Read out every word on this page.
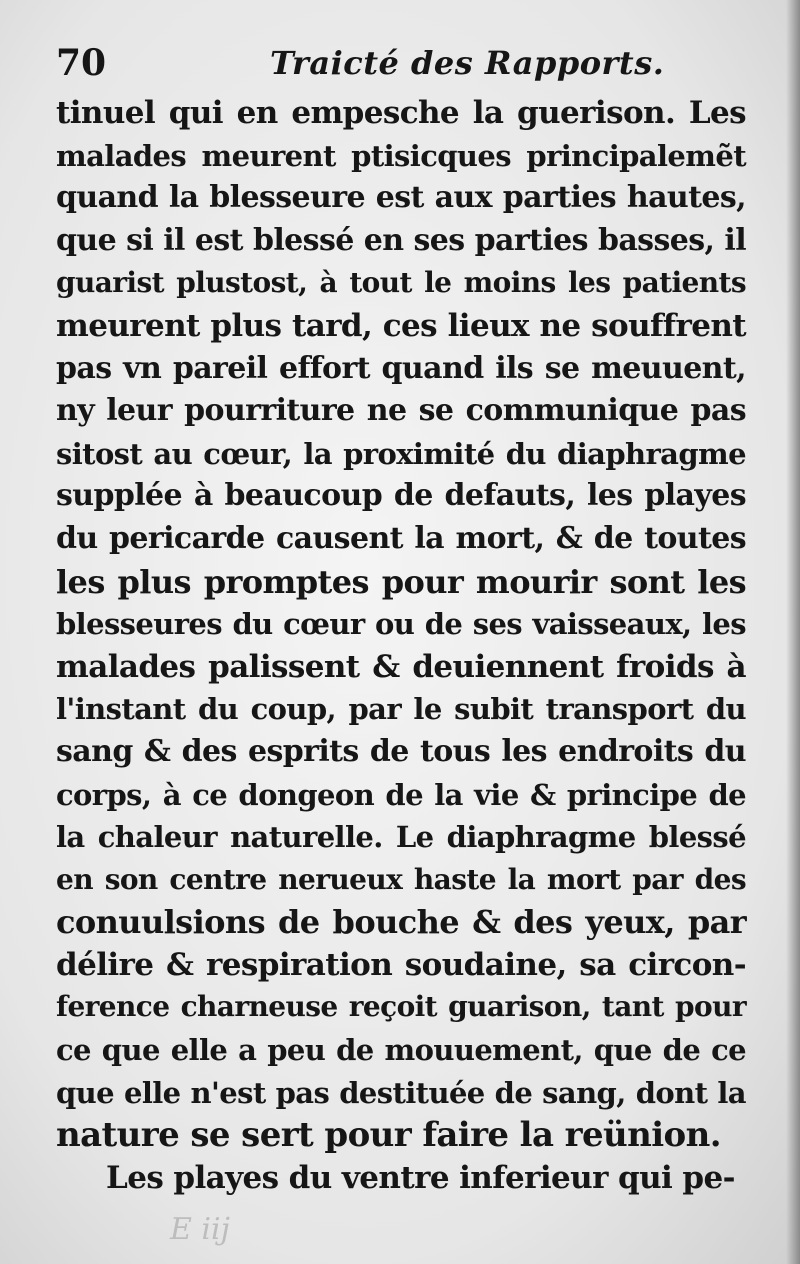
70	Traicté des Rapports.
tinuel qui en empesche la guerison. Les
malades meurent ptisicques principalemẽt
quand la blesseure est aux parties hautes,
que si il est blessé en ses parties basses, il
guarist plustost, à tout le moins les patients
meurent plus tard, ces lieux ne souffrent
pas vn pareil effort quand ils se meuuent,
ny leur pourriture ne se communique pas
sitost au cœur, la proximité du diaphragme
supplée à beaucoup de defauts, les playes
du pericarde causent la mort, & de toutes
les plus promptes pour mourir sont les
blesseures du cœur ou de ses vaisseaux, les
malades palissent & deuiennent froids à
l'instant du coup, par le subit transport du
sang & des esprits de tous les endroits du
corps, à ce dongeon de la vie & principe de
la chaleur naturelle. Le diaphragme blessé
en son centre nerueux haste la mort par des
conuulsions de bouche & des yeux, par
délire & respiration soudaine, sa circon-
ference charneuse reçoit guarison, tant pour
ce que elle a peu de mouuement, que de ce
que elle n'est pas destituée de sang, dont la
nature se sert pour faire la reünion.
Les playes du ventre inferieur qui pe-
E iij
